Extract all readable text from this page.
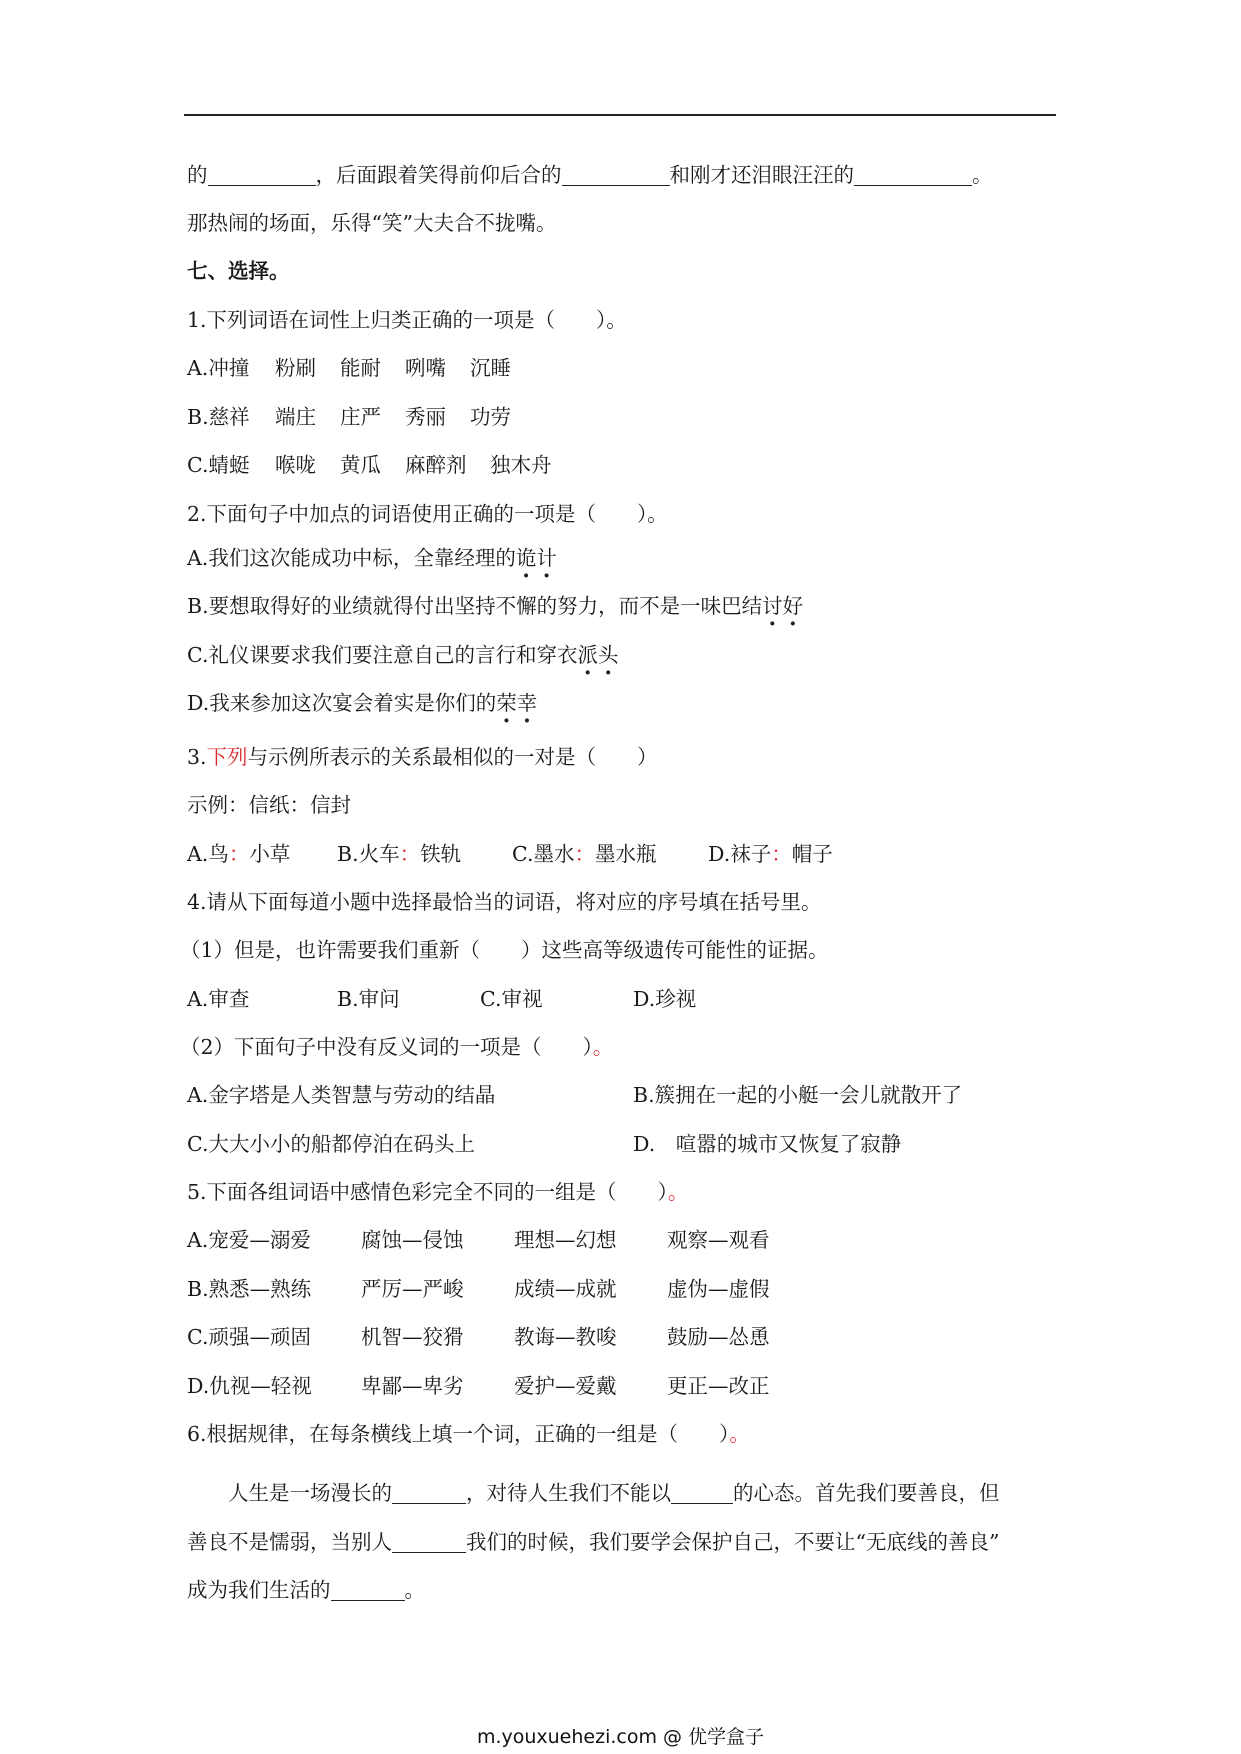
的	，后面跟着笑得前仰后合的	和刚才还泪眼汪汪的	。
那热闹的场面，乐得“笑”大夫合不拢嘴。
七、选择。
1.下列词语在词性上归类正确的一项是（　　）。
A.冲撞 粉刷 能耐 咧嘴 沉睡
B.慈祥 端庄 庄严 秀丽 功劳
C.蜻蜓 喉咙 黄瓜 麻醉剂 独木舟
2.下面句子中加点的词语使用正确的一项是（　　）。
A.我们这次能成功中标，全靠经理的诡计
B.要想取得好的业绩就得付出坚持不懈的努力，而不是一味巴结讨好
C.礼仪课要求我们要注意自己的言行和穿衣派头
D.我来参加这次宴会着实是你们的荣幸
3.下列与示例所表示的关系最相似的一对是（　　）
示例：信纸：信封
A.鸟：小草 B.火车：铁轨 C.墨水：墨水瓶	D.袜子：帽子
4.请从下面每道小题中选择最恰当的词语，将对应的序号填在括号里。
（1）但是，也许需要我们重新（　　）这些高等级遗传可能性的证据。
A.审查	B.审问	C.审视	D.珍视
（2）下面句子中没有反义词的一项是（　　）。
A.金字塔是人类智慧与劳动的结晶	B.簇拥在一起的小艇一会儿就散开了
C.大大小小的船都停泊在码头上	D.　喧嚣的城市又恢复了寂静
5.下面各组词语中感情色彩完全不同的一组是（　　）。
A.宠爱—溺爱 腐蚀—侵蚀 理想—幻想 观察—观看
B.熟悉—熟练 严厉—严峻 成绩—成就 虚伪—虚假
C.顽强—顽固 机智—狡猾 教诲—教唆 鼓励—怂恿
D.仇视—轻视 卑鄙—卑劣 爱护—爱戴 更正—改正
6.根据规律，在每条横线上填一个词，正确的一组是（　　）。
人生是一场漫长的	，对待人生我们不能以	的心态。首先我们要善良，但
善良不是懦弱，当别人	我们的时候，我们要学会保护自己，不要让“无底线的善良”
成为我们生活的	。
m.youxuehezi.com @ 优学盒子
